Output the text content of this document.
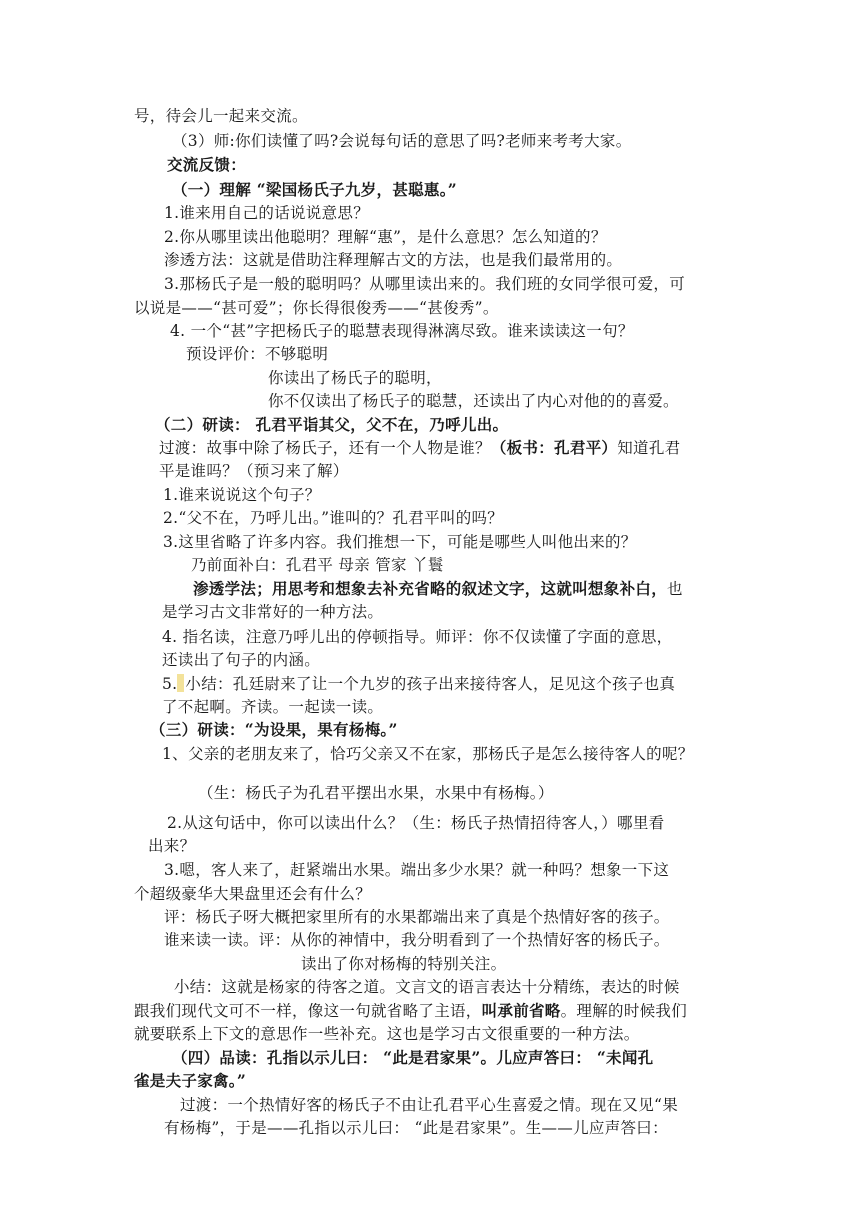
号，待会儿一起来交流。
（3）师:你们读懂了吗?会说每句话的意思了吗?老师来考考大家。
交流反馈：
（一）理解 “梁国杨氏子九岁，甚聪惠。”
1.谁来用自己的话说说意思？
2.你从哪里读出他聪明？理解“惠”，是什么意思？怎么知道的？
渗透方法：这就是借助注释理解古文的方法，也是我们最常用的。
3.那杨氏子是一般的聪明吗？从哪里读出来的。我们班的女同学很可爱，可
以说是——“甚可爱”；你长得很俊秀——“甚俊秀”。
4. 一个“甚”字把杨氏子的聪慧表现得淋漓尽致。谁来读读这一句？
预设评价：不够聪明
你读出了杨氏子的聪明，
你不仅读出了杨氏子的聪慧，还读出了内心对他的的喜爱。
（二）研读： 孔君平诣其父，父不在，乃呼儿出。
过渡：故事中除了杨氏子，还有一个人物是谁？（板书：孔君平）知道孔君
平是谁吗？（预习来了解）
1.谁来说说这个句子？
2.“父不在，乃呼儿出。”谁叫的？孔君平叫的吗？
3.这里省略了许多内容。我们推想一下，可能是哪些人叫他出来的？
乃前面补白：孔君平 母亲 管家 丫鬟
渗透学法；用思考和想象去补充省略的叙述文字，这就叫想象补白，也
是学习古文非常好的一种方法。
4. 指名读，注意乃呼儿出的停顿指导。师评：你不仅读懂了字面的意思，
还读出了句子的内涵。
5. 小结：孔廷尉来了让一个九岁的孩子出来接待客人，足见这个孩子也真
了不起啊。齐读。一起读一读。
（三）研读：“为设果，果有杨梅。”
1、父亲的老朋友来了，恰巧父亲又不在家，那杨氏子是怎么接待客人的呢？
（生：杨氏子为孔君平摆出水果，水果中有杨梅。）
2.从这句话中，你可以读出什么？（生：杨氏子热情招待客人，）哪里看
出来？
3.嗯，客人来了，赶紧端出水果。端出多少水果？就一种吗？想象一下这
个超级豪华大果盘里还会有什么？
评：杨氏子呀大概把家里所有的水果都端出来了真是个热情好客的孩子。
谁来读一读。评：从你的神情中，我分明看到了一个热情好客的杨氏子。
读出了你对杨梅的特别关注。
小结：这就是杨家的待客之道。文言文的语言表达十分精练，表达的时候
跟我们现代文可不一样，像这一句就省略了主语，叫承前省略。理解的时候我们
就要联系上下文的意思作一些补充。这也是学习古文很重要的一种方法。
（四）品读：孔指以示儿曰： “此是君家果”。儿应声答曰： “未闻孔
雀是夫子家禽。”
过渡：一个热情好客的杨氏子不由让孔君平心生喜爱之情。现在又见“果
有杨梅”，于是——孔指以示儿曰： “此是君家果”。生——儿应声答曰：
